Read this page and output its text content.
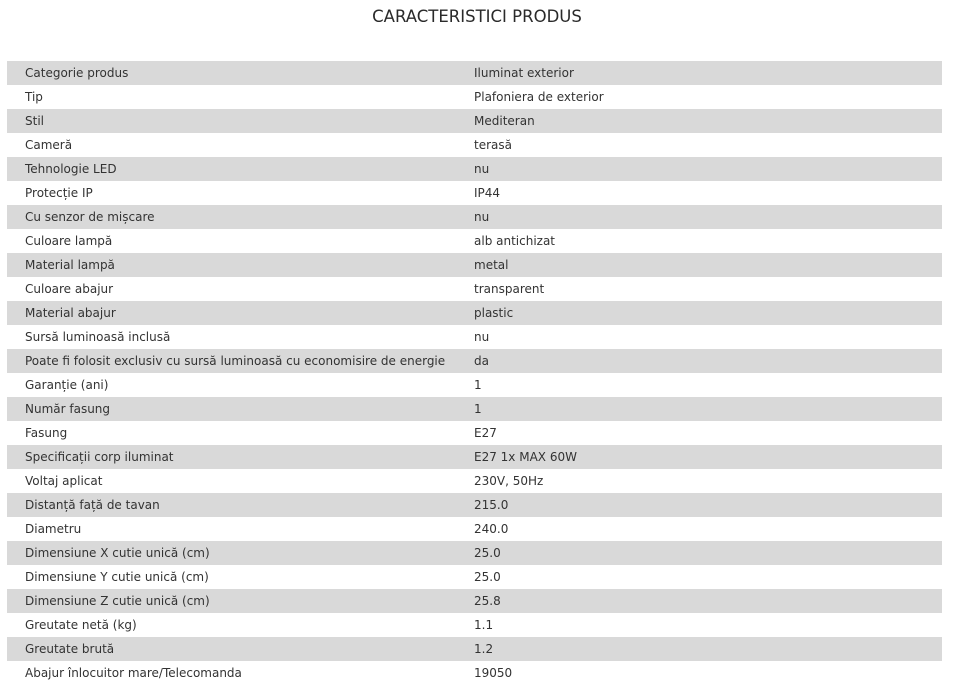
CARACTERISTICI PRODUS
Categorie produs	Iluminat exterior
Tip	Plafoniera de exterior
Stil	Mediteran
Cameră	terasă
Tehnologie LED	nu
Protecție IP	IP44
Cu senzor de mișcare	nu
Culoare lampă	alb antichizat
Material lampă	metal
Culoare abajur	transparent
Material abajur	plastic
Sursă luminoasă inclusă	nu
Poate fi folosit exclusiv cu sursă luminoasă cu economisire de energie	da
Garanție (ani)	1
Număr fasung	1
Fasung	E27
Specificații corp iluminat	E27 1x MAX 60W
Voltaj aplicat	230V, 50Hz
Distanță față de tavan	215.0
Diametru	240.0
Dimensiune X cutie unică (cm)	25.0
Dimensiune Y cutie unică (cm)	25.0
Dimensiune Z cutie unică (cm)	25.8
Greutate netă (kg)	1.1
Greutate brută	1.2
Abajur înlocuitor mare/Telecomanda	19050
